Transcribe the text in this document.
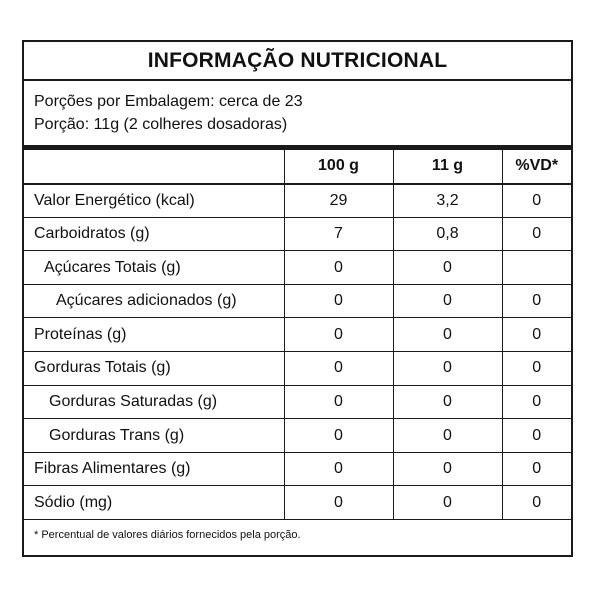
INFORMAÇÃO NUTRICIONAL
Porções por Embalagem: cerca de 23
Porção: 11g (2 colheres dosadoras)
	100 g	11 g	%VD*
Valor Energético (kcal)	29	3,2	0
Carboidratos (g)	7	0,8	0
Açúcares Totais (g)	0	0	
Açúcares adicionados (g)	0	0	0
Proteínas (g)	0	0	0
Gorduras Totais (g)	0	0	0
Gorduras Saturadas (g)	0	0	0
Gorduras Trans (g)	0	0	0
Fibras Alimentares (g)	0	0	0
Sódio (mg)	0	0	0
* Percentual de valores diários fornecidos pela porção.
